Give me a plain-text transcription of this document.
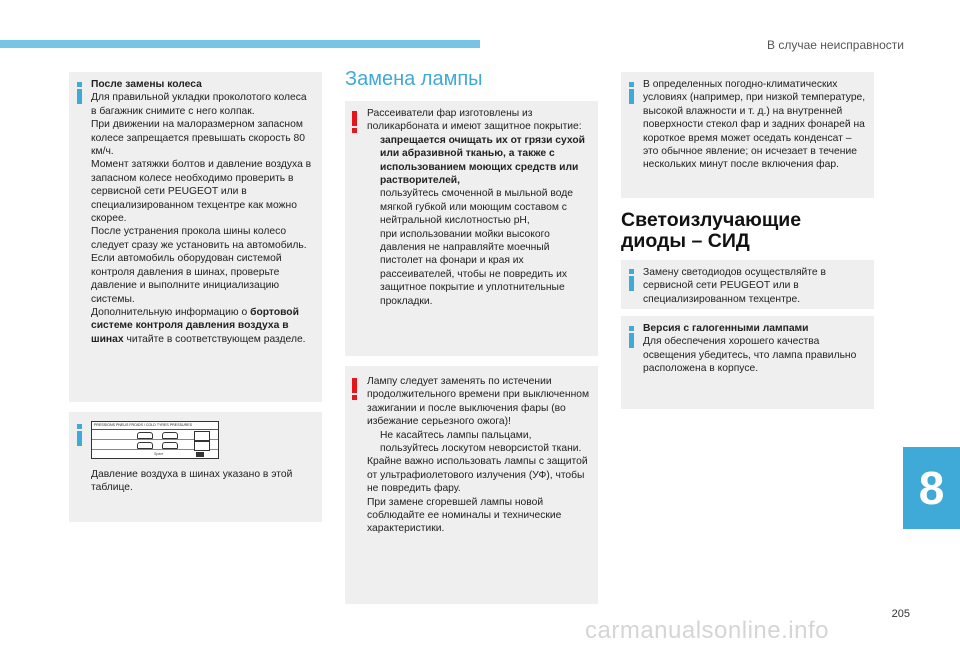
В случае неисправности
После замены колеса
Для правильной укладки проколотого колеса в багажник снимите с него колпак.
При движении на малоразмерном запасном колесе запрещается превышать скорость 80 км/ч.
Момент затяжки болтов и давление воздуха в запасном колесе необходимо проверить в сервисной сети PEUGEOT или в специализированном техцентре как можно скорее.
После устранения прокола шины колесо следует сразу же установить на автомобиль.
Если автомобиль оборудован системой контроля давления в шинах, проверьте давление и выполните инициализацию системы.
Дополнительную информацию о бортовой системе контроля давления воздуха в шинах читайте в соответствующем разделе.
PRESSIONS PNEUS FROIDS / COLD TYRES PRESSURES
Spare
Давление воздуха в шинах указано в этой таблице.
Замена лампы
Рассеиватели фар изготовлены из поликарбоната и имеют защитное покрытие:
запрещается очищать их от грязи сухой или абразивной тканью, а также с использованием моющих средств или растворителей,
пользуйтесь смоченной в мыльной воде мягкой губкой или моющим составом с нейтральной кислотностью pH,
при использовании мойки высокого давления не направляйте моечный пистолет на фонари и края их рассеивателей, чтобы не повредить их защитное покрытие и уплотнительные прокладки.
Лампу следует заменять по истечении продолжительного времени при выключенном зажигании и после выключения фары (во избежание серьезного ожога)!
Не касайтесь лампы пальцами, пользуйтесь лоскутом неворсистой ткани.
Крайне важно использовать лампы с защитой от ультрафиолетового излучения (УФ), чтобы не повредить фару.
При замене сгоревшей лампы новой соблюдайте ее номиналы и технические характеристики.
В определенных погодно-климатических условиях (например, при низкой температуре, высокой влажности и т. д.) на внутренней поверхности стекол фар и задних фонарей на короткое время может оседать конденсат – это обычное явление; он исчезает в течение нескольких минут после включения фар.
Светоизлучающие диоды – СИД
Замену светодиодов осуществляйте в сервисной сети PEUGEOT или в специализированном техцентре.
Версия с галогенными лампами
Для обеспечения хорошего качества освещения убедитесь, что лампа правильно расположена в корпусе.
8
205
carmanualsonline.info
